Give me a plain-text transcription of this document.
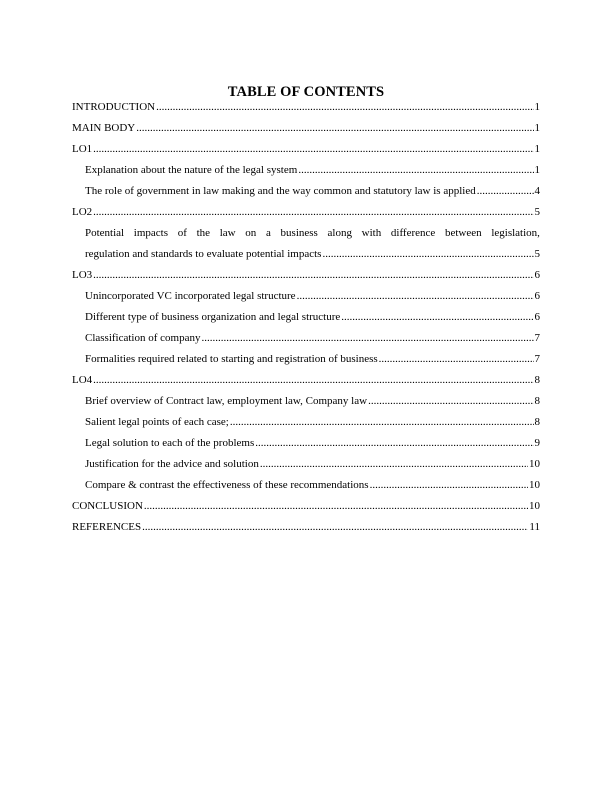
TABLE OF CONTENTS
INTRODUCTION .....	1
MAIN BODY .....	1
LO1 .....	1
Explanation about the nature of the legal system .....	1
The role of government in law making and the way common and statutory law is applied .....	4
LO2 .....	5
Potential impacts of the law on a business along with difference between legislation,
regulation and standards to evaluate potential impacts .....	5
LO3 .....	6
Unincorporated VC incorporated legal structure .....	6
Different type of business organization and legal structure .....	6
Classification of company .....	7
Formalities required related to starting and registration of business .....	7
LO4 .....	8
Brief overview of Contract law, employment law, Company law .....	8
Salient legal points of each case; .....	8
Legal solution to each of the problems .....	9
Justification for the advice and solution .....	10
Compare & contrast the effectiveness of these recommendations .....	10
CONCLUSION .....	10
REFERENCES .....	11
